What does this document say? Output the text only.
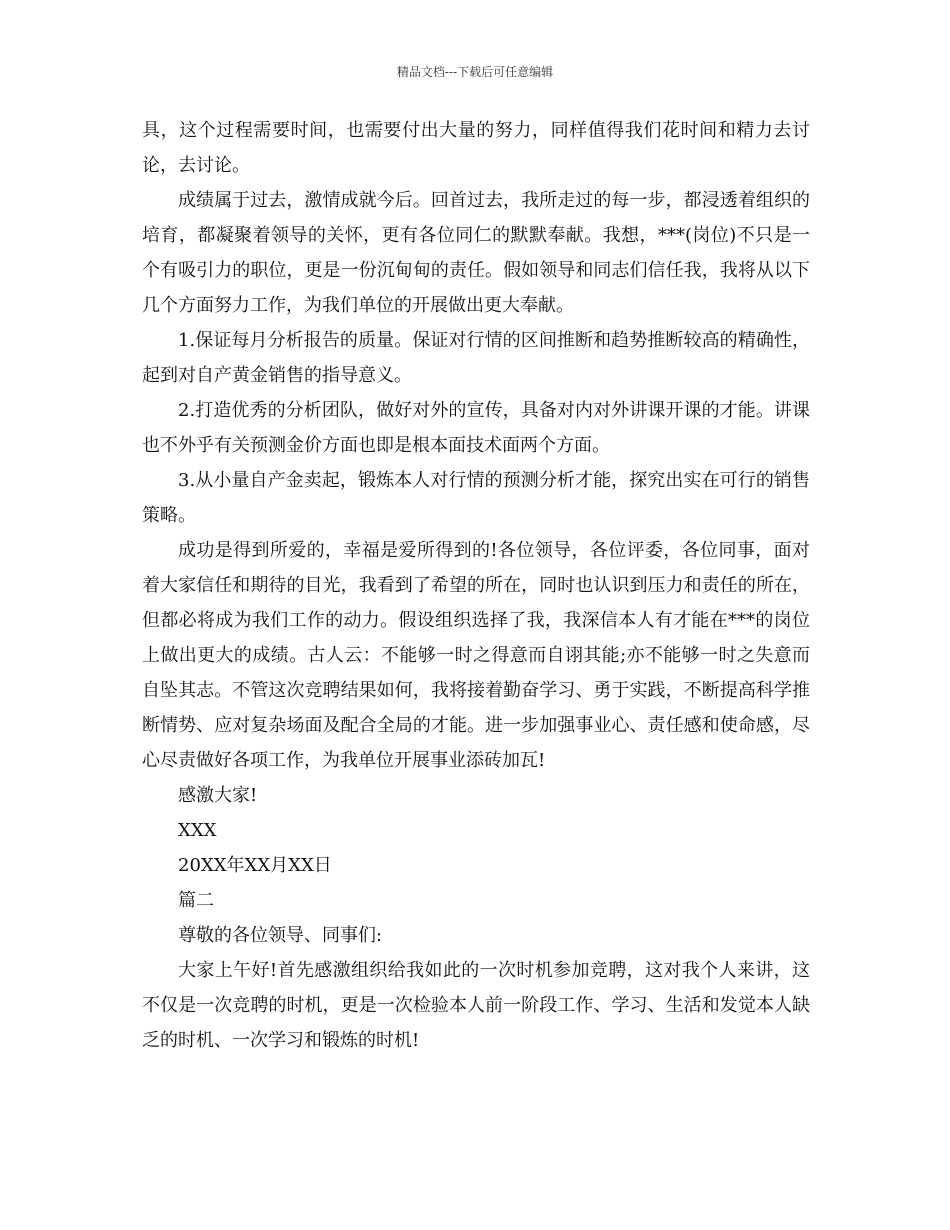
精品文档---下载后可任意编辑

具，这个过程需要时间，也需要付出大量的努力，同样值得我们花时间和精力去讨论，去讨论。

成绩属于过去，激情成就今后。回首过去，我所走过的每一步，都浸透着组织的培育，都凝聚着领导的关怀，更有各位同仁的默默奉献。我想，***(岗位)不只是一个有吸引力的职位，更是一份沉甸甸的责任。假如领导和同志们信任我，我将从以下几个方面努力工作，为我们单位的开展做出更大奉献。

1.保证每月分析报告的质量。保证对行情的区间推断和趋势推断较高的精确性，起到对自产黄金销售的指导意义。

2.打造优秀的分析团队，做好对外的宣传，具备对内对外讲课开课的才能。讲课也不外乎有关预测金价方面也即是根本面技术面两个方面。

3.从小量自产金卖起，锻炼本人对行情的预测分析才能，探究出实在可行的销售策略。

成功是得到所爱的，幸福是爱所得到的!各位领导，各位评委，各位同事，面对着大家信任和期待的目光，我看到了希望的所在，同时也认识到压力和责任的所在，但都必将成为我们工作的动力。假设组织选择了我，我深信本人有才能在***的岗位上做出更大的成绩。古人云：不能够一时之得意而自诩其能;亦不能够一时之失意而自坠其志。不管这次竞聘结果如何，我将接着勤奋学习、勇于实践，不断提高科学推断情势、应对复杂场面及配合全局的才能。进一步加强事业心、责任感和使命感，尽心尽责做好各项工作，为我单位开展事业添砖加瓦!

感激大家!

XXX

20XX年XX月XX日

篇二

尊敬的各位领导、同事们:

大家上午好!首先感激组织给我如此的一次时机参加竞聘，这对我个人来讲，这不仅是一次竞聘的时机，更是一次检验本人前一阶段工作、学习、生活和发觉本人缺乏的时机、一次学习和锻炼的时机!
